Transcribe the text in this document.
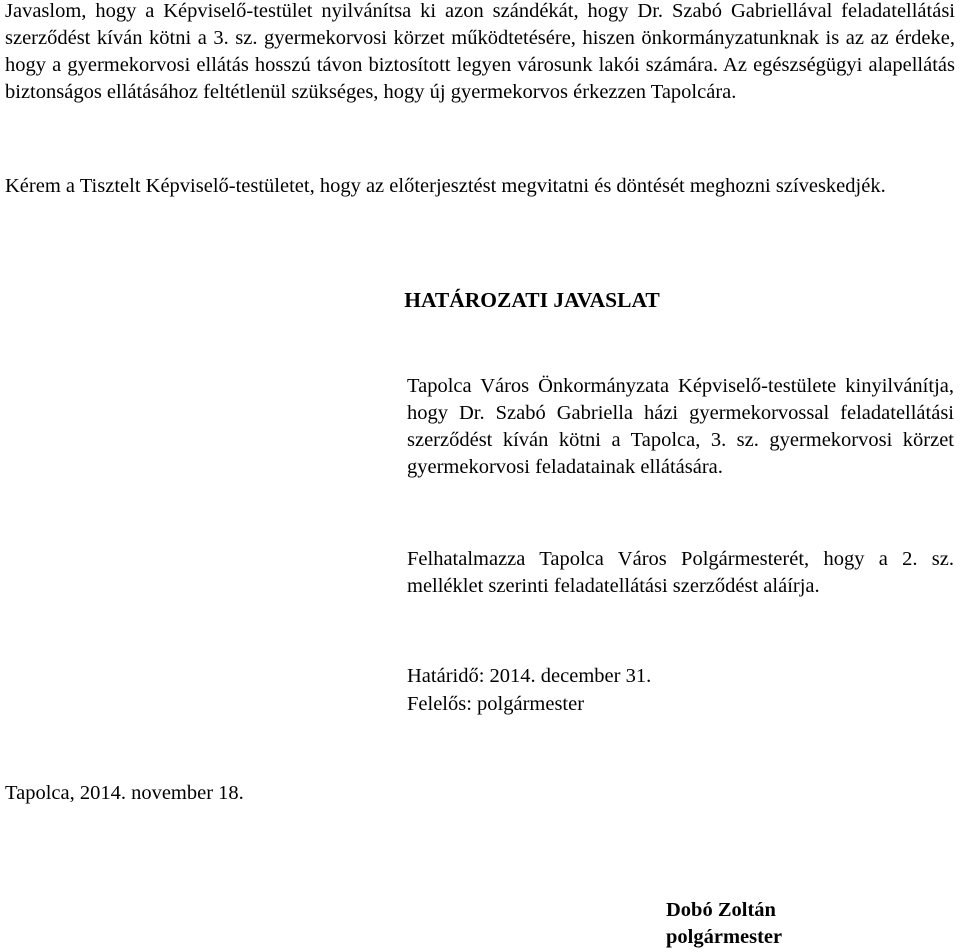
Javaslom, hogy a Képviselő-testület nyilvánítsa ki azon szándékát, hogy Dr. Szabó Gabriellával feladatellátási szerződést kíván kötni a 3. sz. gyermekorvosi körzet működtetésére, hiszen önkormányzatunknak is az az érdeke, hogy a gyermekorvosi ellátás hosszú távon biztosított legyen városunk lakói számára. Az egészségügyi alapellátás biztonságos ellátásához feltétlenül szükséges, hogy új gyermekorvos érkezzen Tapolcára.

Kérem a Tisztelt Képviselő-testületet, hogy az előterjesztést megvitatni és döntését meghozni szíveskedjék.

HATÁROZATI JAVASLAT

Tapolca Város Önkormányzata Képviselő-testülete kinyilvánítja, hogy Dr. Szabó Gabriella házi gyermekorvossal feladatellátási szerződést kíván kötni a Tapolca, 3. sz. gyermekorvosi körzet gyermekorvosi feladatainak ellátására.

Felhatalmazza Tapolca Város Polgármesterét, hogy a 2. sz. melléklet szerinti feladatellátási szerződést aláírja.

Határidő: 2014. december 31.

Felelős: polgármester

Tapolca, 2014. november 18.

Dobó Zoltán
polgármester
